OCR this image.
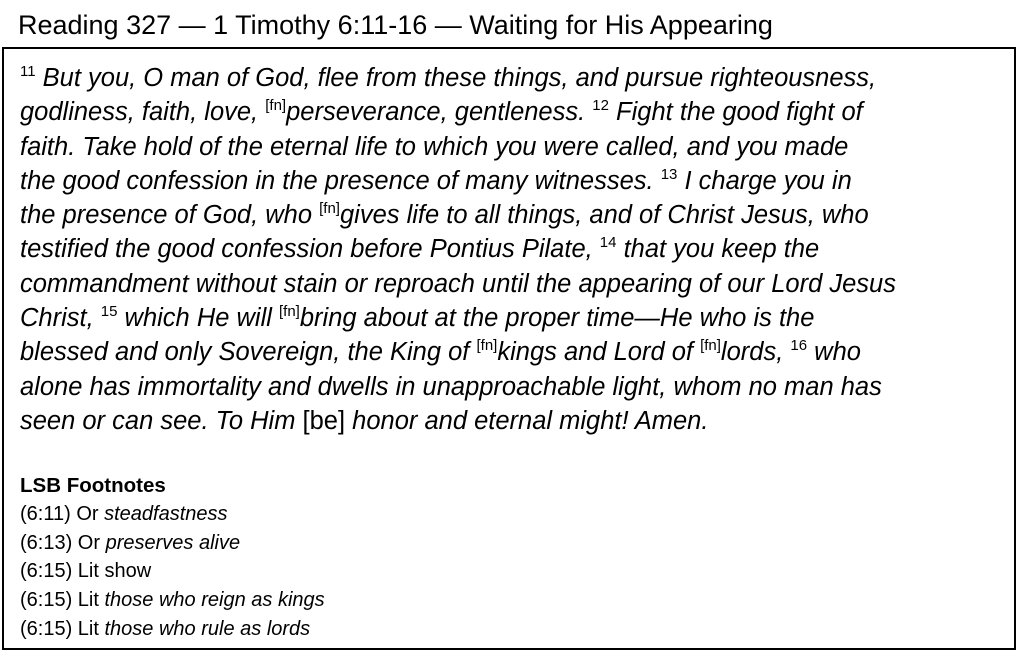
Reading 327 — 1 Timothy 6:11-16 — Waiting for His Appearing
$^{11}$ But you, O man of God, flee from these things, and pursue righteousness,
godliness, faith, love, [fn]perseverance, gentleness. $^{12}$ Fight the good fight of
faith. Take hold of the eternal life to which you were called, and you made
the good confession in the presence of many witnesses. $^{13}$ I charge you in
the presence of God, who [fn]gives life to all things, and of Christ Jesus, who
testified the good confession before Pontius Pilate, $^{14}$ that you keep the
commandment without stain or reproach until the appearing of our Lord Jesus
Christ, $^{15}$ which He will [fn]bring about at the proper time—He who is the
blessed and only Sovereign, the King of [fn]kings and Lord of [fn]lords, $^{16}$ who
alone has immortality and dwells in unapproachable light, whom no man has
seen or can see. To Him [be] honor and eternal might! Amen.
LSB Footnotes
(6:11) Or steadfastness
(6:13) Or preserves alive
(6:15) Lit show
(6:15) Lit those who reign as kings
(6:15) Lit those who rule as lords
